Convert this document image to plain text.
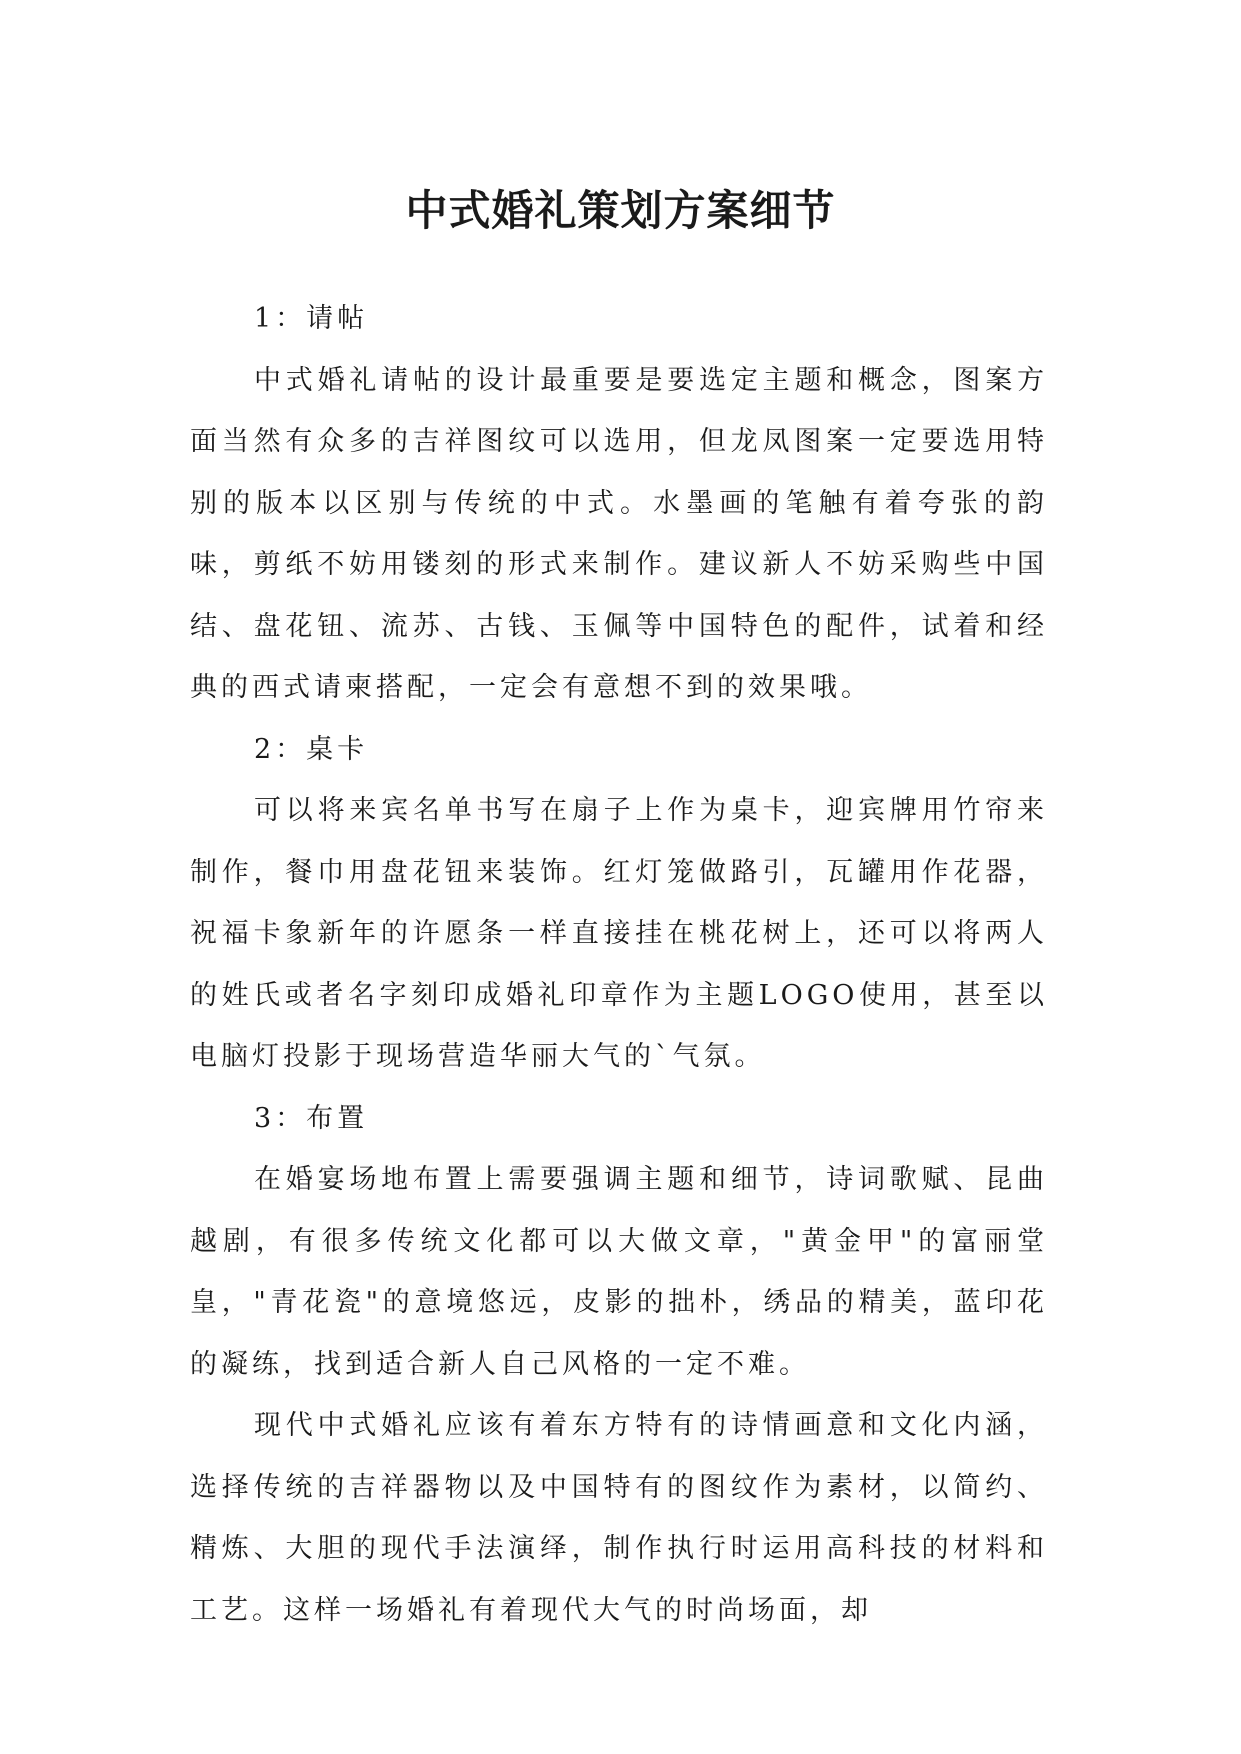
中式婚礼策划方案细节

1：请帖

中式婚礼请帖的设计最重要是要选定主题和概念，图案方面当然有众多的吉祥图纹可以选用，但龙凤图案一定要选用特别的版本以区别与传统的中式。水墨画的笔触有着夸张的韵味，剪纸不妨用镂刻的形式来制作。建议新人不妨采购些中国结、盘花钮、流苏、古钱、玉佩等中国特色的配件，试着和经典的西式请柬搭配，一定会有意想不到的效果哦。

2：桌卡

可以将来宾名单书写在扇子上作为桌卡，迎宾牌用竹帘来制作，餐巾用盘花钮来装饰。红灯笼做路引，瓦罐用作花器，祝福卡象新年的许愿条一样直接挂在桃花树上，还可以将两人的姓氏或者名字刻印成婚礼印章作为主题LOGO使用，甚至以电脑灯投影于现场营造华丽大气的`气氛。

3：布置

在婚宴场地布置上需要强调主题和细节，诗词歌赋、昆曲越剧，有很多传统文化都可以大做文章，"黄金甲"的富丽堂皇，"青花瓷"的意境悠远，皮影的拙朴，绣品的精美，蓝印花的凝练，找到适合新人自己风格的一定不难。

现代中式婚礼应该有着东方特有的诗情画意和文化内涵，选择传统的吉祥器物以及中国特有的图纹作为素材，以简约、精炼、大胆的现代手法演绎，制作执行时运用高科技的材料和工艺。这样一场婚礼有着现代大气的时尚场面，却
